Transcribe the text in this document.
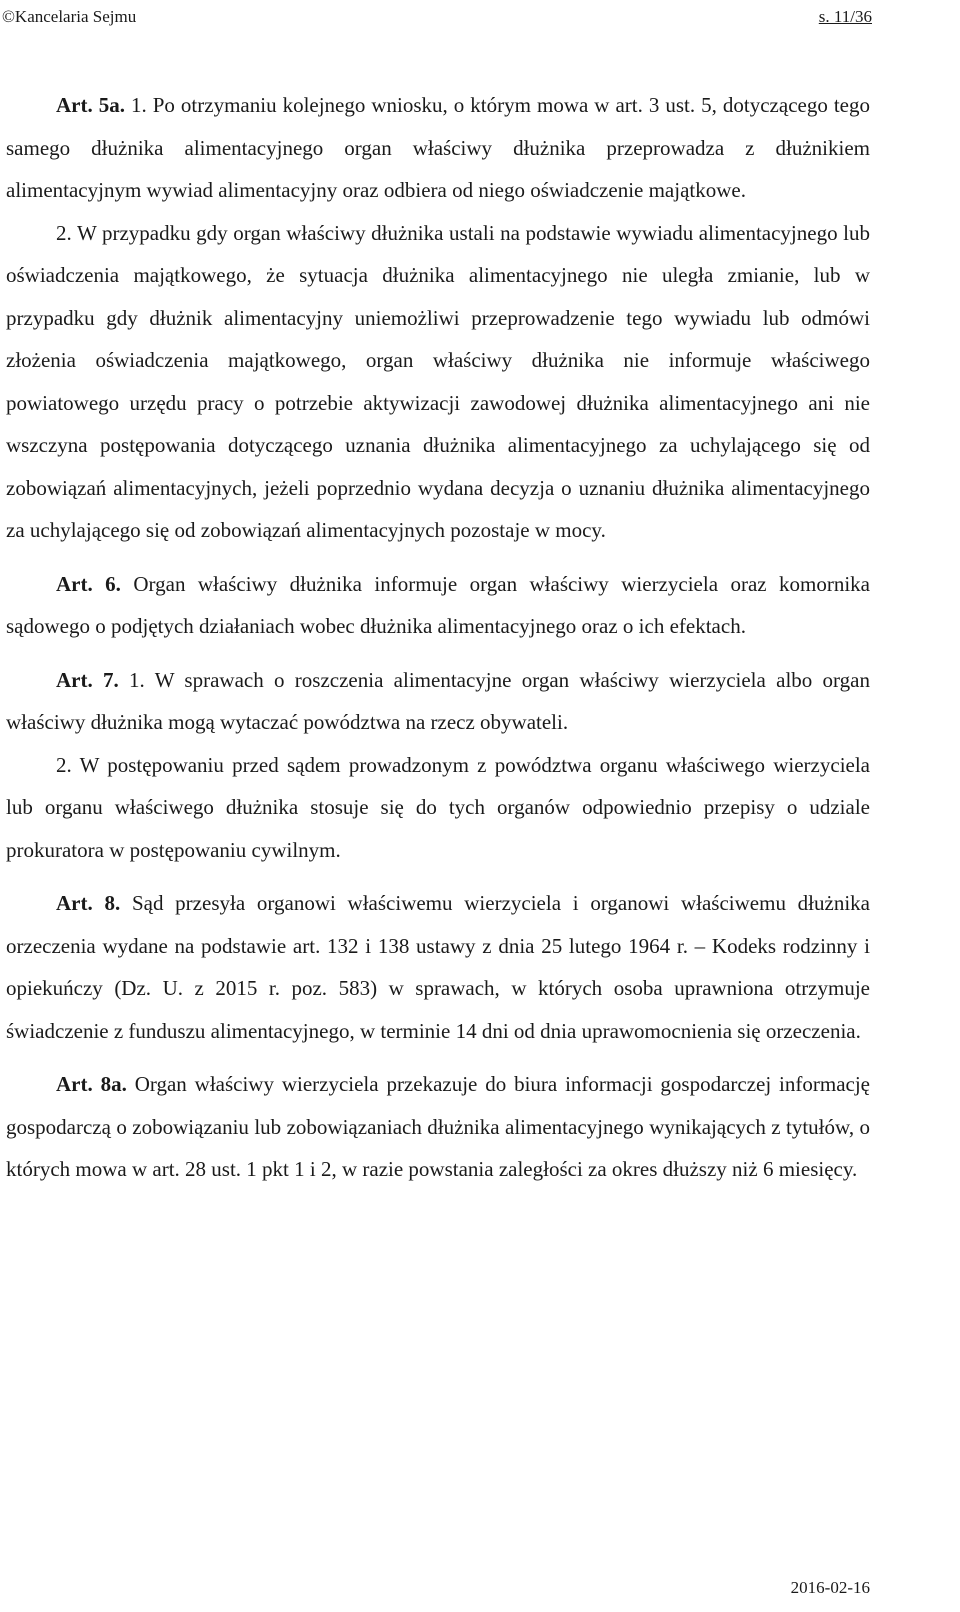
©Kancelaria Sejmu	s. 11/36

Art. 5a. 1. Po otrzymaniu kolejnego wniosku, o którym mowa w art. 3 ust. 5, dotyczącego tego samego dłużnika alimentacyjnego organ właściwy dłużnika przeprowadza z dłużnikiem alimentacyjnym wywiad alimentacyjny oraz odbiera od niego oświadczenie majątkowe.

2. W przypadku gdy organ właściwy dłużnika ustali na podstawie wywiadu alimentacyjnego lub oświadczenia majątkowego, że sytuacja dłużnika alimentacyjnego nie uległa zmianie, lub w przypadku gdy dłużnik alimentacyjny uniemożliwi przeprowadzenie tego wywiadu lub odmówi złożenia oświadczenia majątkowego, organ właściwy dłużnika nie informuje właściwego powiatowego urzędu pracy o potrzebie aktywizacji zawodowej dłużnika alimentacyjnego ani nie wszczyna postępowania dotyczącego uznania dłużnika alimentacyjnego za uchylającego się od zobowiązań alimentacyjnych, jeżeli poprzednio wydana decyzja o uznaniu dłużnika alimentacyjnego za uchylającego się od zobowiązań alimentacyjnych pozostaje w mocy.

Art. 6. Organ właściwy dłużnika informuje organ właściwy wierzyciela oraz komornika sądowego o podjętych działaniach wobec dłużnika alimentacyjnego oraz o ich efektach.

Art. 7. 1. W sprawach o roszczenia alimentacyjne organ właściwy wierzyciela albo organ właściwy dłużnika mogą wytaczać powództwa na rzecz obywateli.

2. W postępowaniu przed sądem prowadzonym z powództwa organu właściwego wierzyciela lub organu właściwego dłużnika stosuje się do tych organów odpowiednio przepisy o udziale prokuratora w postępowaniu cywilnym.

Art. 8. Sąd przesyła organowi właściwemu wierzyciela i organowi właściwemu dłużnika orzeczenia wydane na podstawie art. 132 i 138 ustawy z dnia 25 lutego 1964 r. – Kodeks rodzinny i opiekuńczy (Dz. U. z 2015 r. poz. 583) w sprawach, w których osoba uprawniona otrzymuje świadczenie z funduszu alimentacyjnego, w terminie 14 dni od dnia uprawomocnienia się orzeczenia.

Art. 8a. Organ właściwy wierzyciela przekazuje do biura informacji gospodarczej informację gospodarczą o zobowiązaniu lub zobowiązaniach dłużnika alimentacyjnego wynikających z tytułów, o których mowa w art. 28 ust. 1 pkt 1 i 2, w razie powstania zaległości za okres dłuższy niż 6 miesięcy.

2016-02-16
